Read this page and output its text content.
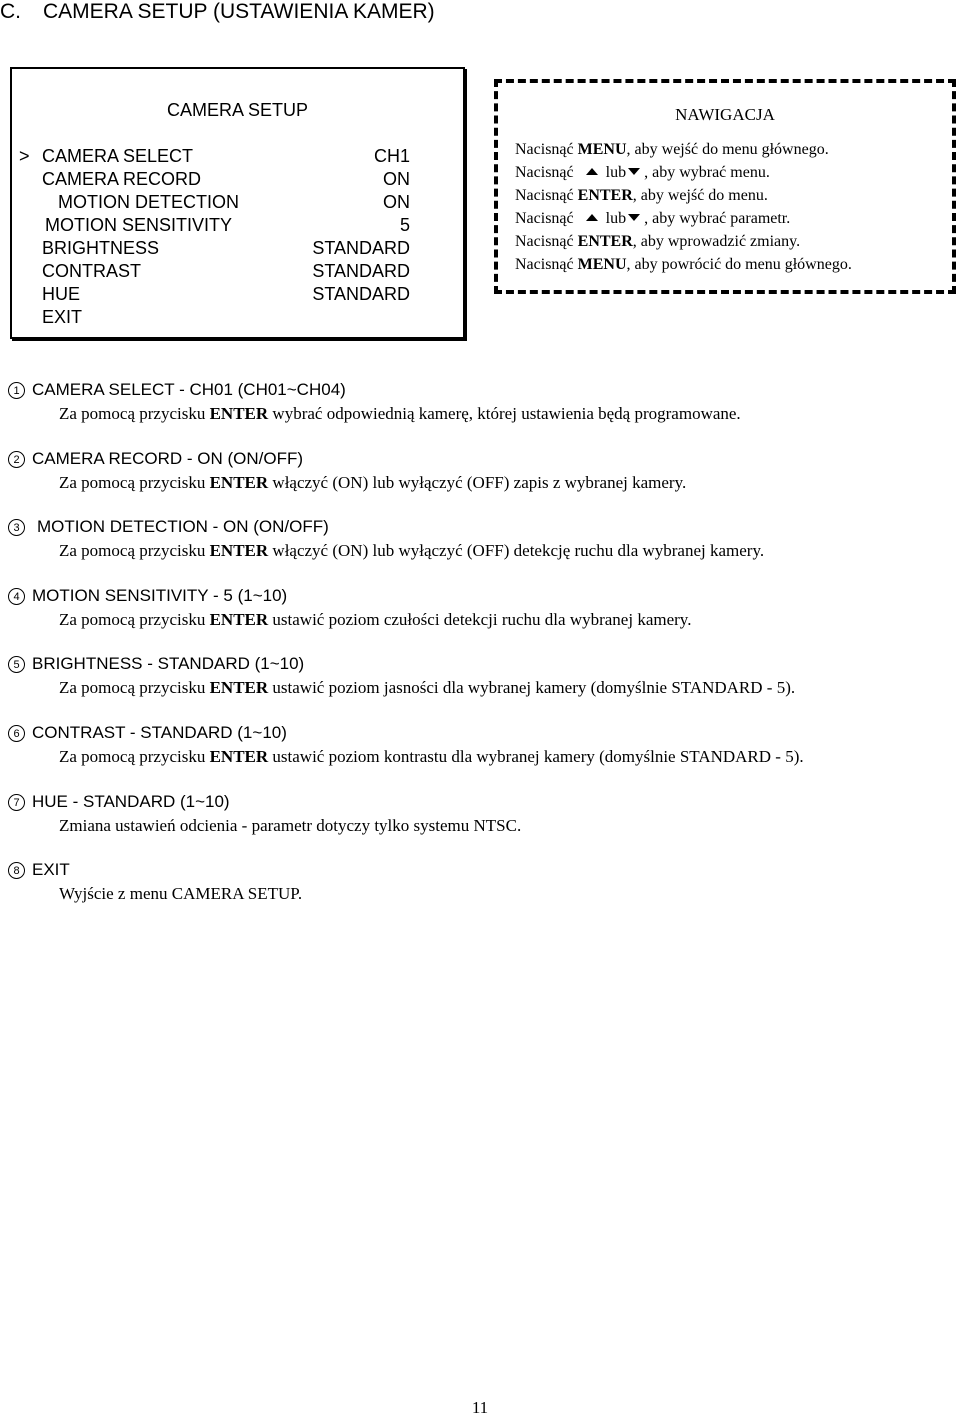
C. CAMERA SETUP (USTAWIENIA KAMER)
CAMERA SETUP
> CAMERA SELECT	CH1
CAMERA RECORD	ON
MOTION DETECTION	ON
MOTION SENSITIVITY	5
BRIGHTNESS	STANDARD
CONTRAST	STANDARD
HUE	STANDARD
EXIT
NAWIGACJA
Nacisnąć MENU, aby wejść do menu głównego.
Nacisnąć lub , aby wybrać menu.
Nacisnąć ENTER, aby wejść do menu.
Nacisnąć lub , aby wybrać parametr.
Nacisnąć ENTER, aby wprowadzić zmiany.
Nacisnąć MENU, aby powrócić do menu głównego.
1 CAMERA SELECT - CH01 (CH01~CH04)
Za pomocą przycisku ENTER wybrać odpowiednią kamerę, której ustawienia będą programowane.
2 CAMERA RECORD - ON (ON/OFF)
Za pomocą przycisku ENTER włączyć (ON) lub wyłączyć (OFF) zapis z wybranej kamery.
3 MOTION DETECTION - ON (ON/OFF)
Za pomocą przycisku ENTER włączyć (ON) lub wyłączyć (OFF) detekcję ruchu dla wybranej kamery.
4 MOTION SENSITIVITY - 5 (1~10)
Za pomocą przycisku ENTER ustawić poziom czułości detekcji ruchu dla wybranej kamery.
5 BRIGHTNESS - STANDARD (1~10)
Za pomocą przycisku ENTER ustawić poziom jasności dla wybranej kamery (domyślnie STANDARD - 5).
6 CONTRAST - STANDARD (1~10)
Za pomocą przycisku ENTER ustawić poziom kontrastu dla wybranej kamery (domyślnie STANDARD - 5).
7 HUE - STANDARD (1~10)
Zmiana ustawień odcienia - parametr dotyczy tylko systemu NTSC.
8 EXIT
Wyjście z menu CAMERA SETUP.
11
